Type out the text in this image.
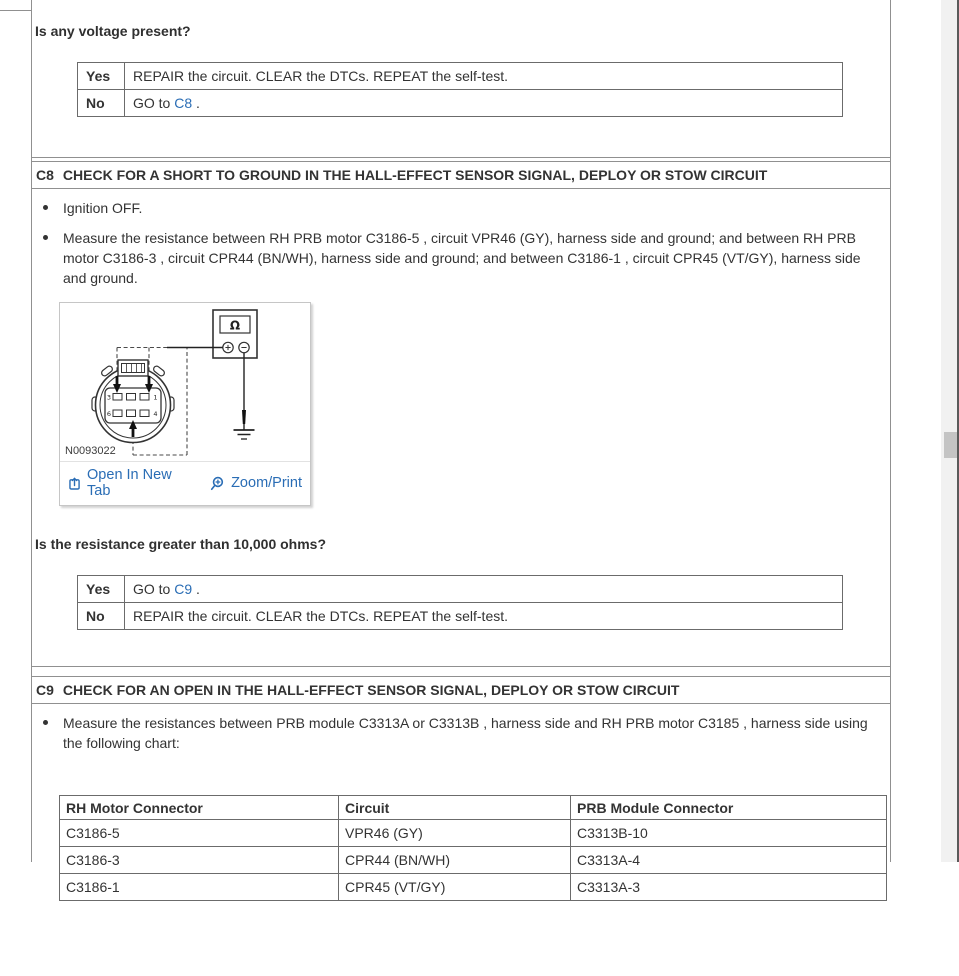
Is any voltage present?
Yes	REPAIR the circuit. CLEAR the DTCs. REPEAT the self-test.
No	GO to C8 .
C8 CHECK FOR A SHORT TO GROUND IN THE HALL-EFFECT SENSOR SIGNAL, DEPLOY OR STOW CIRCUIT
Ignition OFF.
Measure the resistance between RH PRB motor C3186-5 , circuit VPR46 (GY), harness side and ground; and between RH PRB motor C3186-3 , circuit CPR44 (BN/WH), harness side and ground; and between C3186-1 , circuit CPR45 (VT/GY), harness side and ground.
Ω
3	1
6	4
N0093022
Open In New Tab	Zoom/Print
Is the resistance greater than 10,000 ohms?
Yes	GO to C9 .
No	REPAIR the circuit. CLEAR the DTCs. REPEAT the self-test.
C9 CHECK FOR AN OPEN IN THE HALL-EFFECT SENSOR SIGNAL, DEPLOY OR STOW CIRCUIT
Measure the resistances between PRB module C3313A or C3313B , harness side and RH PRB motor C3185 , harness side using the following chart:
RH Motor Connector	Circuit	PRB Module Connector
C3186-5	VPR46 (GY)	C3313B-10
C3186-3	CPR44 (BN/WH)	C3313A-4
C3186-1	CPR45 (VT/GY)	C3313A-3
